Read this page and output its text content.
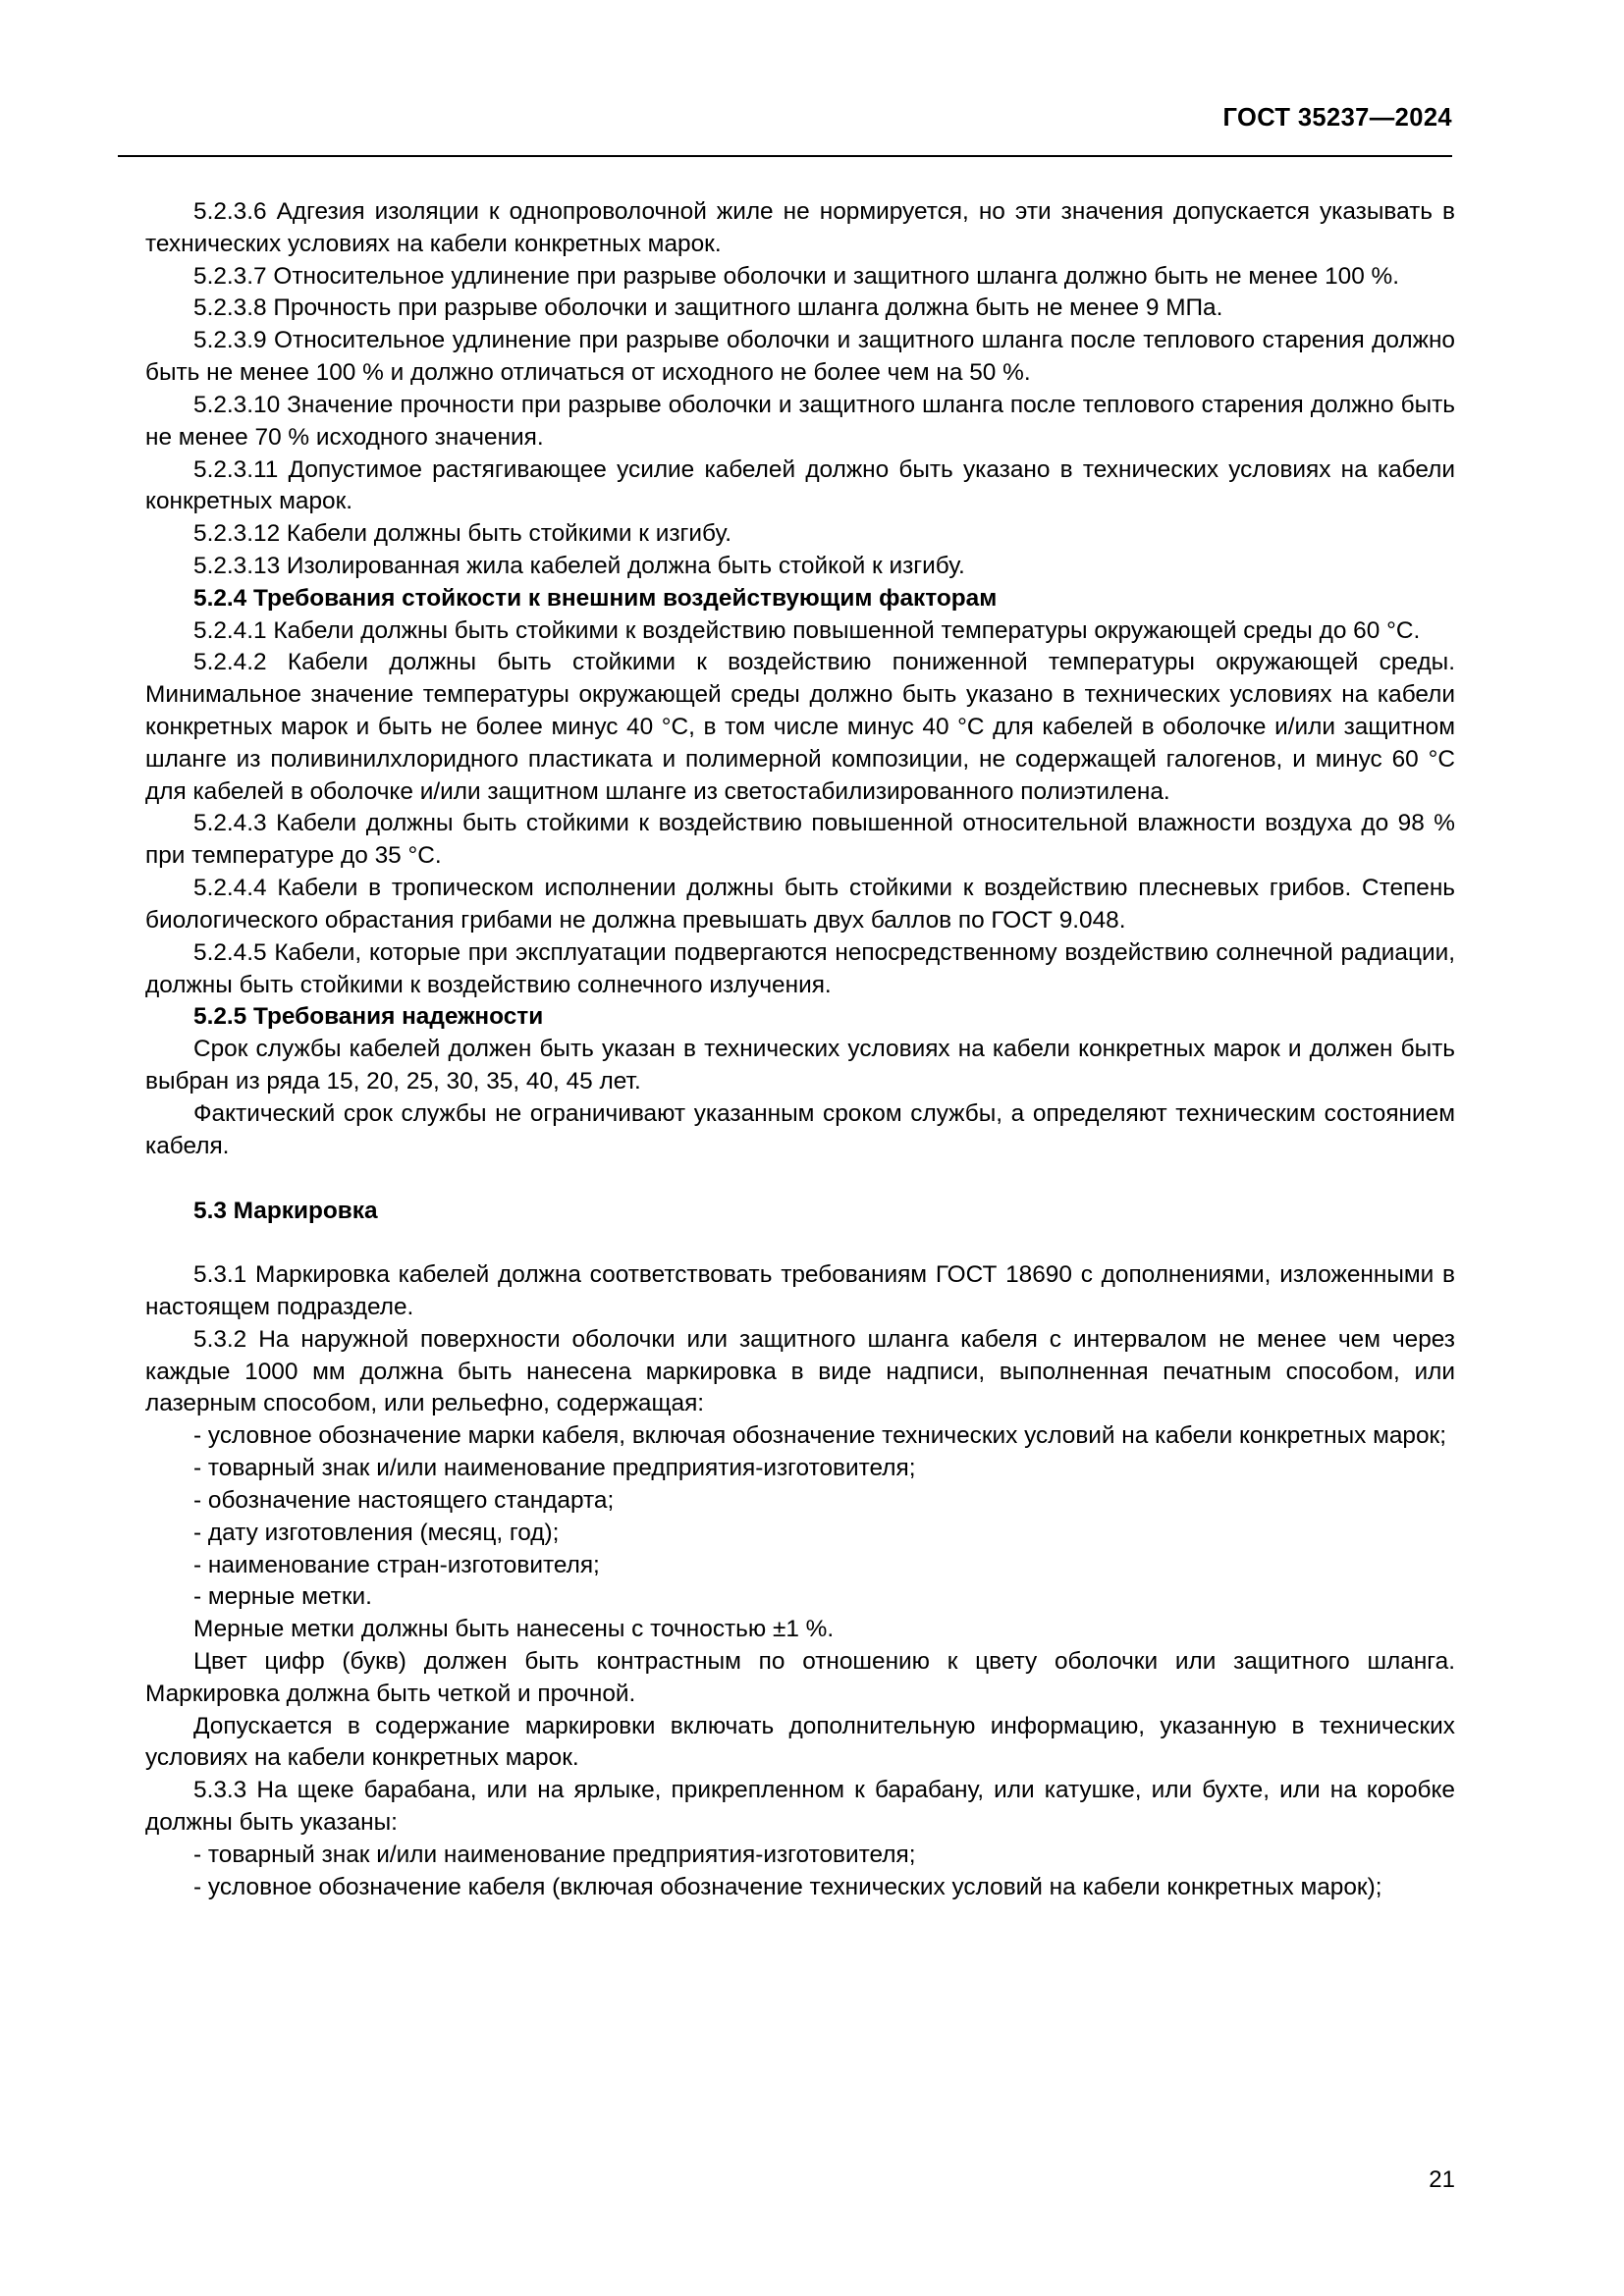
ГОСТ 35237—2024

5.2.3.6 Адгезия изоляции к однопроволочной жиле не нормируется, но эти значения допускается указывать в технических условиях на кабели конкретных марок.

5.2.3.7 Относительное удлинение при разрыве оболочки и защитного шланга должно быть не менее 100 %.

5.2.3.8 Прочность при разрыве оболочки и защитного шланга должна быть не менее 9 МПа.

5.2.3.9 Относительное удлинение при разрыве оболочки и защитного шланга после теплового старения должно быть не менее 100 % и должно отличаться от исходного не более чем на 50 %.

5.2.3.10 Значение прочности при разрыве оболочки и защитного шланга после теплового старения должно быть не менее 70 % исходного значения.

5.2.3.11 Допустимое растягивающее усилие кабелей должно быть указано в технических условиях на кабели конкретных марок.

5.2.3.12 Кабели должны быть стойкими к изгибу.

5.2.3.13 Изолированная жила кабелей должна быть стойкой к изгибу.

5.2.4 Требования стойкости к внешним воздействующим факторам

5.2.4.1 Кабели должны быть стойкими к воздействию повышенной температуры окружающей среды до 60 °С.

5.2.4.2 Кабели должны быть стойкими к воздействию пониженной температуры окружающей среды. Минимальное значение температуры окружающей среды должно быть указано в технических условиях на кабели конкретных марок и быть не более минус 40 °С, в том числе минус 40 °С для кабелей в оболочке и/или защитном шланге из поливинилхлоридного пластиката и полимерной композиции, не содержащей галогенов, и минус 60 °С для кабелей в оболочке и/или защитном шланге из светостабилизированного полиэтилена.

5.2.4.3 Кабели должны быть стойкими к воздействию повышенной относительной влажности воздуха до 98 % при температуре до 35 °С.

5.2.4.4 Кабели в тропическом исполнении должны быть стойкими к воздействию плесневых грибов. Степень биологического обрастания грибами не должна превышать двух баллов по ГОСТ 9.048.

5.2.4.5 Кабели, которые при эксплуатации подвергаются непосредственному воздействию солнечной радиации, должны быть стойкими к воздействию солнечного излучения.

5.2.5 Требования надежности

Срок службы кабелей должен быть указан в технических условиях на кабели конкретных марок и должен быть выбран из ряда 15, 20, 25, 30, 35, 40, 45 лет.

Фактический срок службы не ограничивают указанным сроком службы, а определяют техническим состоянием кабеля.

5.3 Маркировка

5.3.1 Маркировка кабелей должна соответствовать требованиям ГОСТ 18690 с дополнениями, изложенными в настоящем подразделе.

5.3.2 На наружной поверхности оболочки или защитного шланга кабеля с интервалом не менее чем через каждые 1000 мм должна быть нанесена маркировка в виде надписи, выполненная печатным способом, или лазерным способом, или рельефно, содержащая:

- условное обозначение марки кабеля, включая обозначение технических условий на кабели конкретных марок;

- товарный знак и/или наименование предприятия-изготовителя;

- обозначение настоящего стандарта;

- дату изготовления (месяц, год);

- наименование стран-изготовителя;

- мерные метки.

Мерные метки должны быть нанесены с точностью ±1 %.

Цвет цифр (букв) должен быть контрастным по отношению к цвету оболочки или защитного шланга. Маркировка должна быть четкой и прочной.

Допускается в содержание маркировки включать дополнительную информацию, указанную в технических условиях на кабели конкретных марок.

5.3.3 На щеке барабана, или на ярлыке, прикрепленном к барабану, или катушке, или бухте, или на коробке должны быть указаны:

- товарный знак и/или наименование предприятия-изготовителя;

- условное обозначение кабеля (включая обозначение технических условий на кабели конкретных марок);

21
